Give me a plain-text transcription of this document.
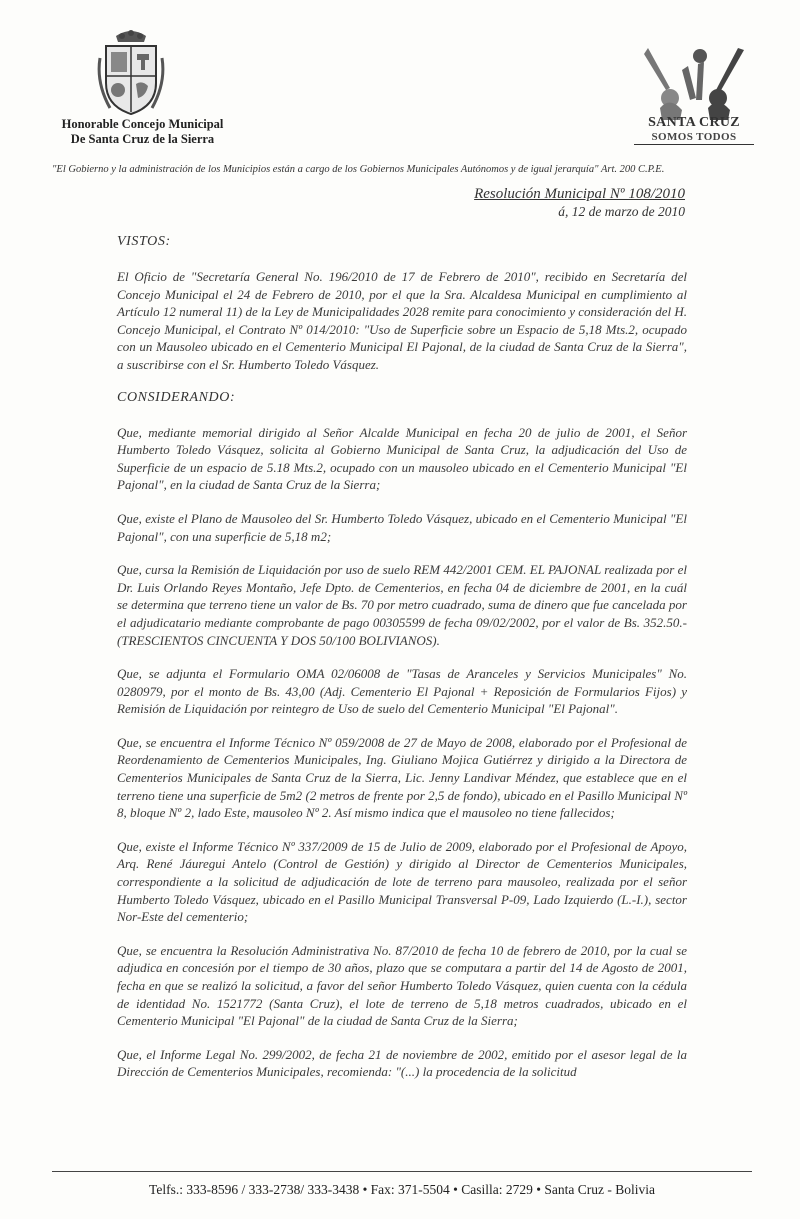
Honorable Concejo Municipal
De Santa Cruz de la Sierra
SANTA CRUZ
SOMOS TODOS
"El Gobierno y la administración de los Municipios están a cargo de los Gobiernos Municipales Autónomos y de igual jerarquía" Art. 200 C.P.E.
Resolución Municipal Nº 108/2010
á, 12 de marzo de 2010

VISTOS:

El Oficio de "Secretaría General No. 196/2010 de 17 de Febrero de 2010", recibido en Secretaría del Concejo Municipal el 24 de Febrero de 2010, por el que la Sra. Alcaldesa Municipal en cumplimiento al Artículo 12 numeral 11) de la Ley de Municipalidades 2028 remite para conocimiento y consideración del H. Concejo Municipal, el Contrato Nº 014/2010: "Uso de Superficie sobre un Espacio de 5,18 Mts.2, ocupado con un Mausoleo ubicado en el Cementerio Municipal El Pajonal, de la ciudad de Santa Cruz de la Sierra", a suscribirse con el Sr. Humberto Toledo Vásquez.

CONSIDERANDO:

Que, mediante memorial dirigido al Señor Alcalde Municipal en fecha 20 de julio de 2001, el Señor Humberto Toledo Vásquez, solicita al Gobierno Municipal de Santa Cruz, la adjudicación del Uso de Superficie de un espacio de 5.18 Mts.2, ocupado con un mausoleo ubicado en el Cementerio Municipal "El Pajonal", en la ciudad de Santa Cruz de la Sierra;

Que, existe el Plano de Mausoleo del Sr. Humberto Toledo Vásquez, ubicado en el Cementerio Municipal "El Pajonal", con una superficie de 5,18 m2;

Que, cursa la Remisión de Liquidación por uso de suelo REM 442/2001 CEM. EL PAJONAL realizada por el Dr. Luis Orlando Reyes Montaño, Jefe Dpto. de Cementerios, en fecha 04 de diciembre de 2001, en la cuál se determina que terreno tiene un valor de Bs. 70 por metro cuadrado, suma de dinero que fue cancelada por el adjudicatario mediante comprobante de pago 00305599 de fecha 09/02/2002, por el valor de Bs. 352.50.- (TRESCIENTOS CINCUENTA Y DOS 50/100 BOLIVIANOS).

Que, se adjunta el Formulario OMA 02/06008 de "Tasas de Aranceles y Servicios Municipales" No. 0280979, por el monto de Bs. 43,00 (Adj. Cementerio El Pajonal + Reposición de Formularios Fijos) y Remisión de Liquidación por reintegro de Uso de suelo del Cementerio Municipal "El Pajonal".

Que, se encuentra el Informe Técnico Nº 059/2008 de 27 de Mayo de 2008, elaborado por el Profesional de Reordenamiento de Cementerios Municipales, Ing. Giuliano Mojica Gutiérrez y dirigido a la Directora de Cementerios Municipales de Santa Cruz de la Sierra, Lic. Jenny Landivar Méndez, que establece que en el terreno tiene una superficie de 5m2 (2 metros de frente por 2,5 de fondo), ubicado en el Pasillo Municipal Nº 8, bloque Nº 2, lado Este, mausoleo Nº 2. Así mismo indica que el mausoleo no tiene fallecidos;

Que, existe el Informe Técnico Nº 337/2009 de 15 de Julio de 2009, elaborado por el Profesional de Apoyo, Arq. René Jáuregui Antelo (Control de Gestión) y dirigido al Director de Cementerios Municipales, correspondiente a la solicitud de adjudicación de lote de terreno para mausoleo, realizada por el señor Humberto Toledo Vásquez, ubicado en el Pasillo Municipal Transversal P-09, Lado Izquierdo (L.-I.), sector Nor-Este del cementerio;

Que, se encuentra la Resolución Administrativa No. 87/2010 de fecha 10 de febrero de 2010, por la cual se adjudica en concesión por el tiempo de 30 años, plazo que se computara a partir del 14 de Agosto de 2001, fecha en que se realizó la solicitud, a favor del señor Humberto Toledo Vásquez, quien cuenta con la cédula de identidad No. 1521772 (Santa Cruz), el lote de terreno de 5,18 metros cuadrados, ubicado en el Cementerio Municipal "El Pajonal" de la ciudad de Santa Cruz de la Sierra;

Que, el Informe Legal No. 299/2002, de fecha 21 de noviembre de 2002, emitido por el asesor legal de la Dirección de Cementerios Municipales, recomienda: "(...) la procedencia de la solicitud

Telfs.: 333-8596 / 333-2738/ 333-3438 • Fax: 371-5504 • Casilla: 2729 • Santa Cruz - Bolivia
